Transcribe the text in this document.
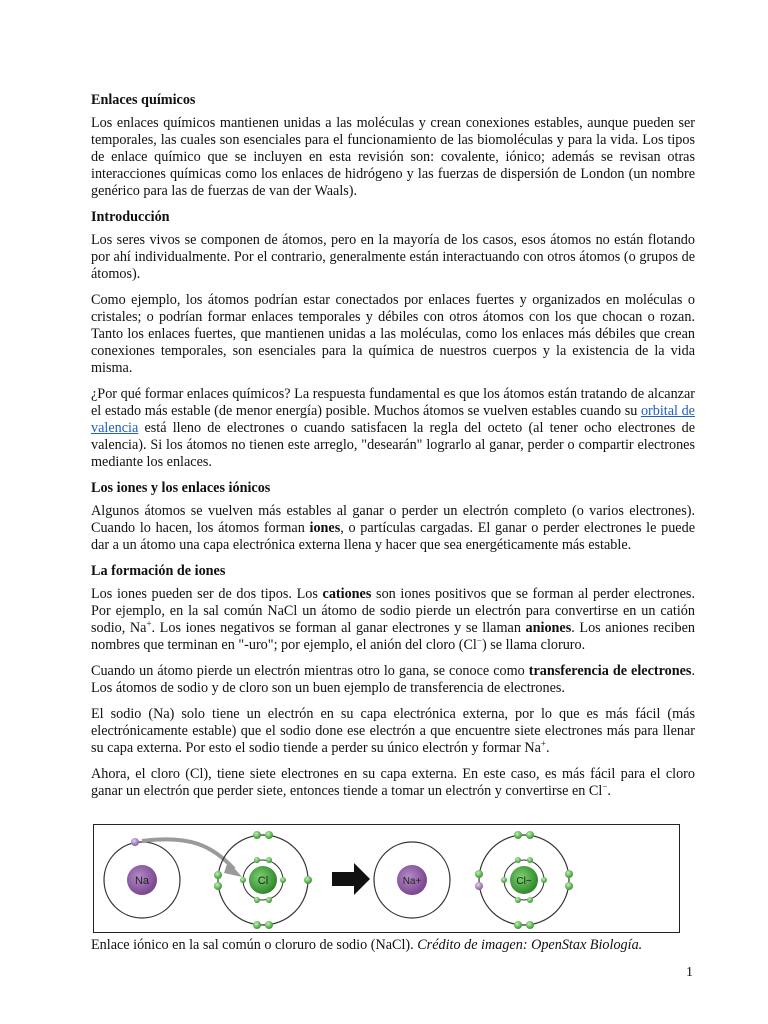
Enlaces químicos

Los enlaces químicos mantienen unidas a las moléculas y crean conexiones estables, aunque pueden ser temporales, las cuales son esenciales para el funcionamiento de las biomoléculas y para la vida. Los tipos de enlace químico que se incluyen en esta revisión son: covalente, iónico; además se revisan otras interacciones químicas como los enlaces de hidrógeno y las fuerzas de dispersión de London (un nombre genérico para las de fuerzas de van der Waals).

Introducción

Los seres vivos se componen de átomos, pero en la mayoría de los casos, esos átomos no están flotando por ahí individualmente. Por el contrario, generalmente están interactuando con otros átomos (o grupos de átomos).

Como ejemplo, los átomos podrían estar conectados por enlaces fuertes y organizados en moléculas o cristales; o podrían formar enlaces temporales y débiles con otros átomos con los que chocan o rozan. Tanto los enlaces fuertes, que mantienen unidas a las moléculas, como los enlaces más débiles que crean conexiones temporales, son esenciales para la química de nuestros cuerpos y la existencia de la vida misma.

¿Por qué formar enlaces químicos? La respuesta fundamental es que los átomos están tratando de alcanzar el estado más estable (de menor energía) posible. Muchos átomos se vuelven estables cuando su orbital de valencia está lleno de electrones o cuando satisfacen la regla del octeto (al tener ocho electrones de valencia). Si los átomos no tienen este arreglo, "desearán" lograrlo al ganar, perder o compartir electrones mediante los enlaces.

Los iones y los enlaces iónicos

Algunos átomos se vuelven más estables al ganar o perder un electrón completo (o varios electrones). Cuando lo hacen, los átomos forman iones, o partículas cargadas. El ganar o perder electrones le puede dar a un átomo una capa electrónica externa llena y hacer que sea energéticamente más estable.

La formación de iones

Los iones pueden ser de dos tipos. Los cationes son iones positivos que se forman al perder electrones. Por ejemplo, en la sal común NaCl un átomo de sodio pierde un electrón para convertirse en un catión sodio, Na+. Los iones negativos se forman al ganar electrones y se llaman aniones. Los aniones reciben nombres que terminan en "-uro"; por ejemplo, el anión del cloro (Cl−) se llama cloruro.

Cuando un átomo pierde un electrón mientras otro lo gana, se conoce como transferencia de electrones. Los átomos de sodio y de cloro son un buen ejemplo de transferencia de electrones.

El sodio (Na) solo tiene un electrón en su capa electrónica externa, por lo que es más fácil (más electrónicamente estable) que el sodio done ese electrón a que encuentre siete electrones más para llenar su capa externa. Por esto el sodio tiende a perder su único electrón y formar Na+.

Ahora, el cloro (Cl), tiene siete electrones en su capa externa. En este caso, es más fácil para el cloro ganar un electrón que perder siete, entonces tiende a tomar un electrón y convertirse en Cl−.

Na	Cl	Na+	Cl−
Enlace iónico en la sal común o cloruro de sodio (NaCl). Crédito de imagen: OpenStax Biología.
1
